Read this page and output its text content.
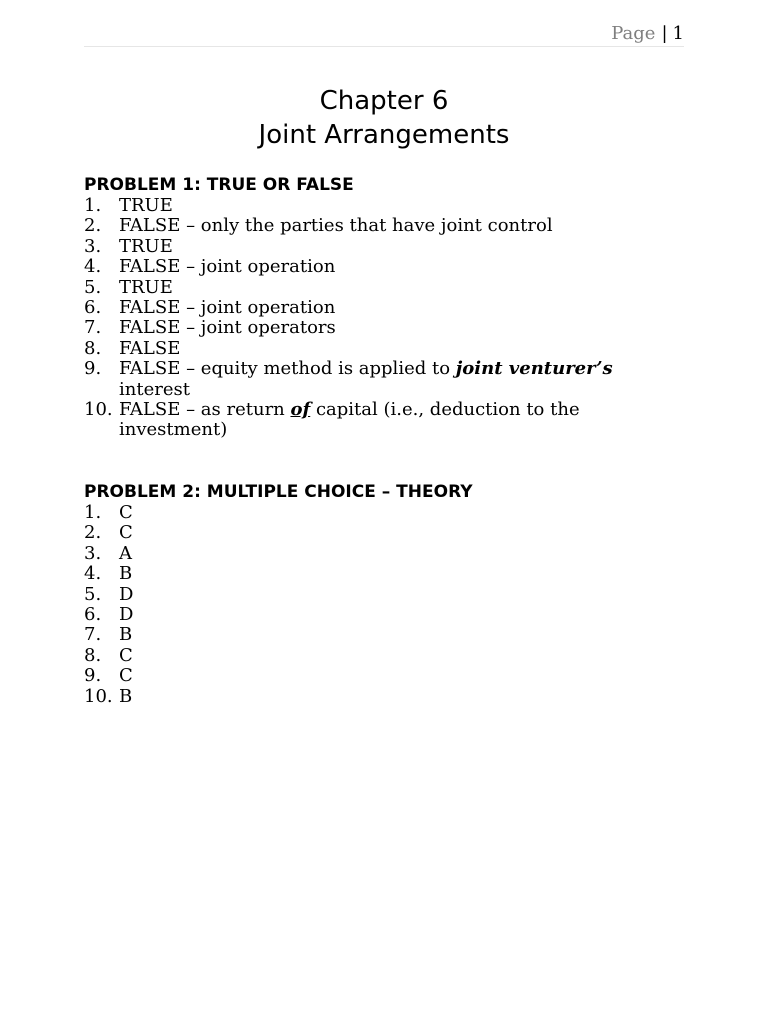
Page | 1
Chapter 6
Joint Arrangements
PROBLEM 1: TRUE OR FALSE
1. TRUE
2. FALSE – only the parties that have joint control
3. TRUE
4. FALSE – joint operation
5. TRUE
6. FALSE – joint operation
7. FALSE – joint operators
8. FALSE
9. FALSE – equity method is applied to joint venturer’s interest
10. FALSE – as return of capital (i.e., deduction to the investment)
PROBLEM 2: MULTIPLE CHOICE – THEORY
1. C
2. C
3. A
4. B
5. D
6. D
7. B
8. C
9. C
10. B
